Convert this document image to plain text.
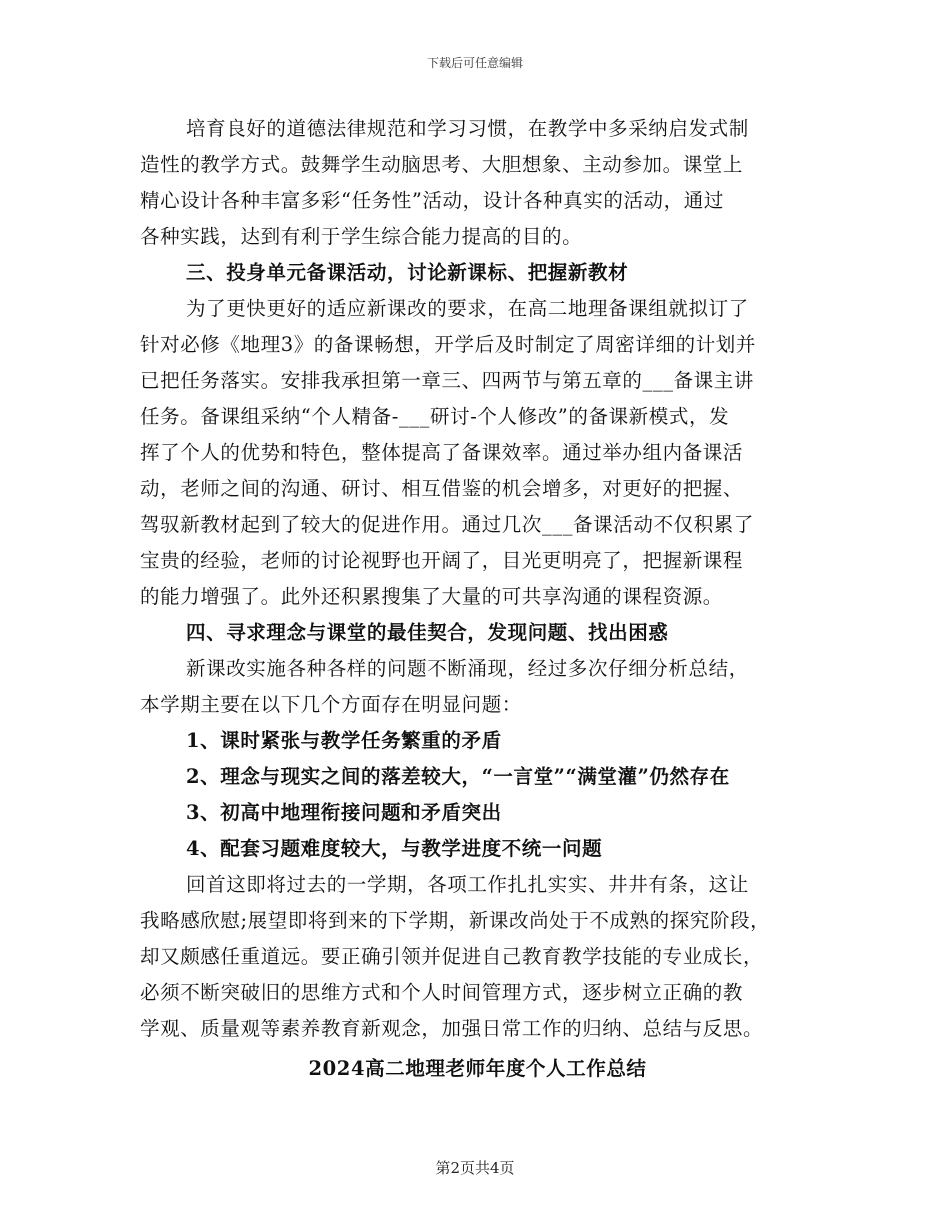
下载后可任意编辑
培育良好的道德法律规范和学习习惯，在教学中多采纳启发式制
造性的教学方式。鼓舞学生动脑思考、大胆想象、主动参加。课堂上
精心设计各种丰富多彩“任务性”活动，设计各种真实的活动，通过
各种实践，达到有利于学生综合能力提高的目的。
三、投身单元备课活动，讨论新课标、把握新教材
为了更快更好的适应新课改的要求，在高二地理备课组就拟订了
针对必修《地理3》的备课畅想，开学后及时制定了周密详细的计划并
已把任务落实。安排我承担第一章三、四两节与第五章的___备课主讲
任务。备课组采纳“个人精备-___研讨-个人修改”的备课新模式，发
挥了个人的优势和特色，整体提高了备课效率。通过举办组内备课活
动，老师之间的沟通、研讨、相互借鉴的机会增多，对更好的把握、
驾驭新教材起到了较大的促进作用。通过几次___备课活动不仅积累了
宝贵的经验，老师的讨论视野也开阔了，目光更明亮了，把握新课程
的能力增强了。此外还积累搜集了大量的可共享沟通的课程资源。
四、寻求理念与课堂的最佳契合，发现问题、找出困惑
新课改实施各种各样的问题不断涌现，经过多次仔细分析总结，
本学期主要在以下几个方面存在明显问题：
1、课时紧张与教学任务繁重的矛盾
2、理念与现实之间的落差较大，“一言堂”“满堂灌”仍然存在
3、初高中地理衔接问题和矛盾突出
4、配套习题难度较大，与教学进度不统一问题
回首这即将过去的一学期，各项工作扎扎实实、井井有条，这让
我略感欣慰;展望即将到来的下学期，新课改尚处于不成熟的探究阶段，
却又颇感任重道远。要正确引领并促进自己教育教学技能的专业成长，
必须不断突破旧的思维方式和个人时间管理方式，逐步树立正确的教
学观、质量观等素养教育新观念，加强日常工作的归纳、总结与反思。
2024高二地理老师年度个人工作总结
第2页共4页
